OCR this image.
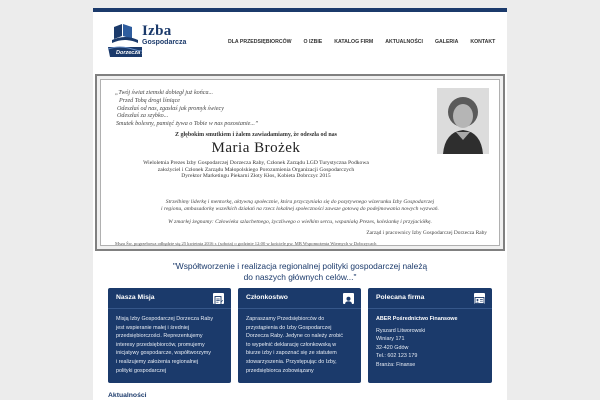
Izba
Gospodarcza
Dorzecza Raby
DLA PRZEDSIĘBIORCÓW O IZBIE KATALOG FIRM AKTUALNOŚCI GALERIA KONTAKT
„Twój świat ziemski dobiegł już końca...
Przed Tobą drogi lśniące
Odeszłaś od nas, zgasłaś jak promyk świecy
Odeszłaś za szybko...
Smutek bolesny, pamięć żywa o Tobie w nas pozostanie...”
Z głębokim smutkiem i żalem zawiadamiamy, że odeszła od nas
Maria Brożek
Wieloletnia Prezes Izby Gospodarczej Dorzecza Raby, Członek Zarządu LGD Turystyczna Podkowa
założyciel i Członek Zarządu Małopolskiego Porozumienia Organizacji Gospodarczych
Dyrektor Marketingu Piekarni Złoty Kłos, Kobieta Dobrczyc 2015
Strzelbimy liderkę i mentorkę, aktywną społecznie, która przyczyniała się do pozytywnego wizerunku Izby Gospodarczej
i regionu, ambasadorkę wszelkich działań na rzecz lokalnej społeczności zawsze gotową do podejmowania nowych wyzwań.
W zmarłej żegnamy: Człowieka szlachetnego, życzliwego o wielkim sercu, wspaniałą Prezes, koleżankę i przyjaciółkę.
Zarząd i pracownicy Izby Gospodarczej Dorzecza Raby
Msza Św. pogrzebowa odbędzie się 25 kwietnia 2016 r. (sobota) o godzinie 12:00 w kościele pw. MB Wspomożenia Wiernych w Dobczycach
"Współtworzenie i realizacja regionalnej polityki gospodarczej należą
do naszych głównych celów..."
Nasza Misja
Misją Izby Gospodarczej Dorzecza Raby
jest wspieranie małej i średniej
przedsiębiorczości. Reprezentujemy
interesy przedsiębiorców, promujemy
inicjatywy gospodarcze, współtworzymy
i realizujemy założenia regionalnej
polityki gospodarczej
Członkostwo
Zapraszamy Przedsiębiorców do
przystąpienia do Izby Gospodarczej
Dorzecza Raby. Jedyne co należy zrobić
to wypełnić deklarację członkowską w
biurze izby i zapoznać się ze statutem
stowarzyszenia. Przystępując do Izby,
przedsiębiorca zobowiązany
Polecana firma
ABER Pośrednictwo Finansowe
Ryszard Litworowski
Winiary 171
32-420 Gdów
Tel.: 602 123 179
Branża: Finanse
Aktualności
